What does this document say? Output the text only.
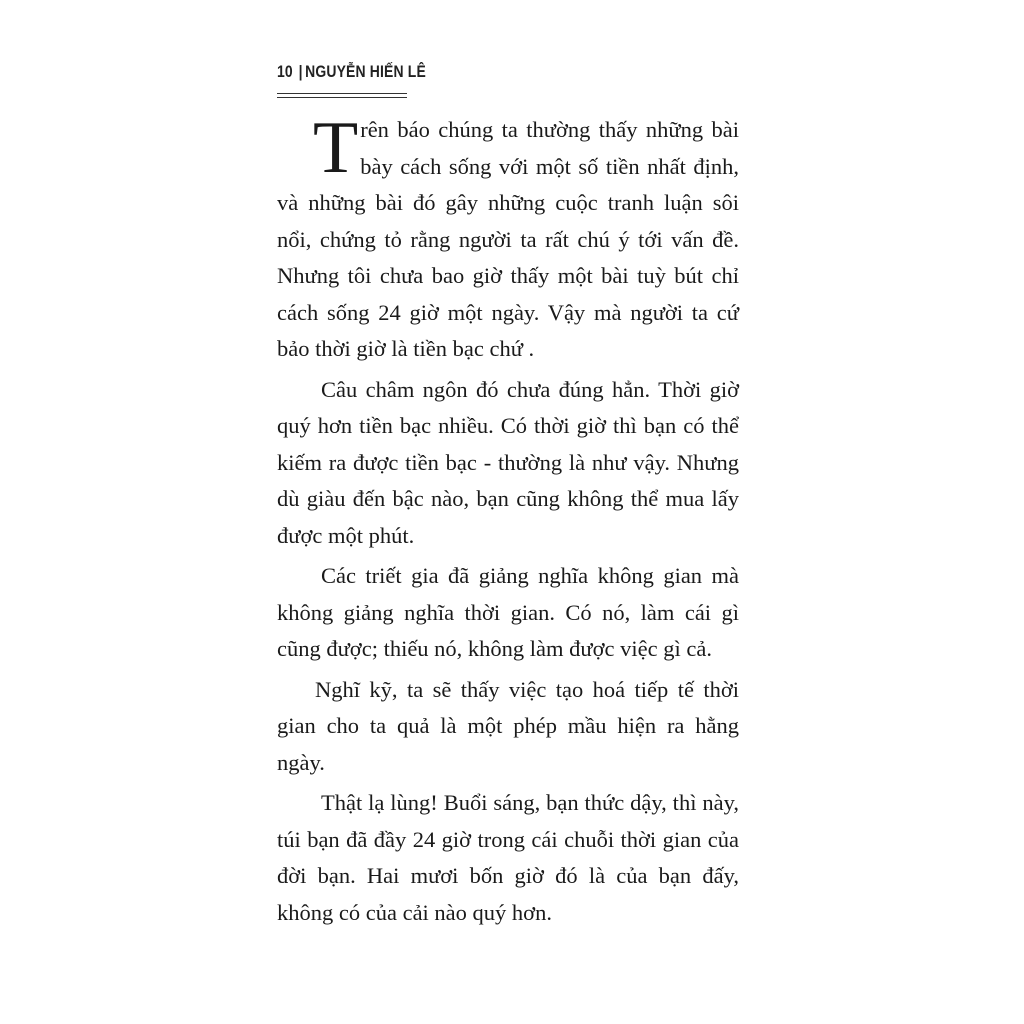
10 | NGUYỄN HIẾN LÊ

Trên báo chúng ta thường thấy những bài bày cách sống với một số tiền nhất định, và những bài đó gây những cuộc tranh luận sôi nổi, chứng tỏ rằng người ta rất chú ý tới vấn đề. Nhưng tôi chưa bao giờ thấy một bài tuỳ bút chỉ cách sống 24 giờ một ngày. Vậy mà người ta cứ bảo thời giờ là tiền bạc chứ .

Câu châm ngôn đó chưa đúng hẳn. Thời giờ quý hơn tiền bạc nhiều. Có thời giờ thì bạn có thể kiếm ra được tiền bạc - thường là như vậy. Nhưng dù giàu đến bậc nào, bạn cũng không thể mua lấy được một phút.

Các triết gia đã giảng nghĩa không gian mà không giảng nghĩa thời gian. Có nó, làm cái gì cũng được; thiếu nó, không làm được việc gì cả.

Nghĩ kỹ, ta sẽ thấy việc tạo hoá tiếp tế thời gian cho ta quả là một phép mầu hiện ra hằng ngày.

Thật lạ lùng! Buổi sáng, bạn thức dậy, thì này, túi bạn đã đầy 24 giờ trong cái chuỗi thời gian của đời bạn. Hai mươi bốn giờ đó là của bạn đấy, không có của cải nào quý hơn.
